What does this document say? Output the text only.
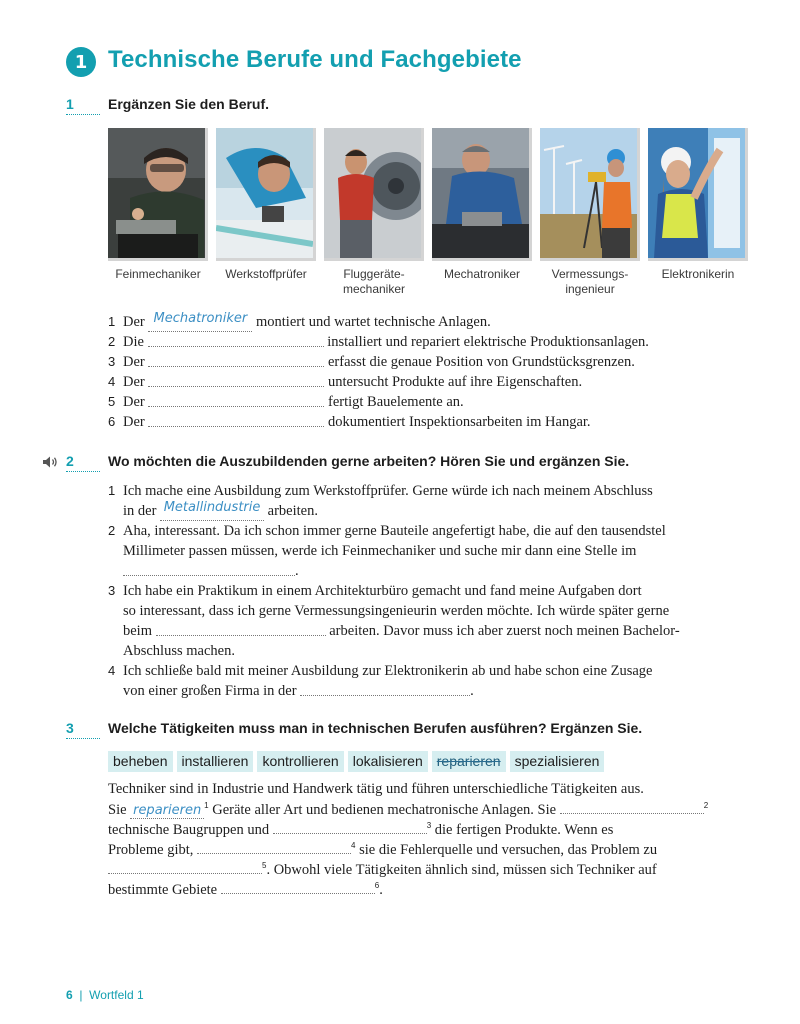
1 Technische Berufe und Fachgebiete
1	Ergänzen Sie den Beruf.
Feinmechaniker	Werkstoffprüfer	Fluggeräte-
mechaniker
Mechatroniker	Vermessungs-
ingenieur
Elektronikerin
1 Der
Mechatroniker
montiert und wartet technische Anlagen.
2 Die

	installiert und repariert elektrische Produktionsanlagen.
3 Der

	erfasst die genaue Position von Grundstücksgrenzen.
4 Der

	untersucht Produkte auf ihre Eigenschaften.
5 Der

	fertigt Bauelemente an.
6 Der

	dokumentiert Inspektionsarbeiten im Hangar.
2	Wo möchten die Auszubildenden gerne arbeiten? Hören Sie und ergänzen Sie.
1 Ich mache eine Ausbildung zum Werkstoffprüfer. Gerne würde ich nach meinem Abschluss
in der
Metallindustrie
arbeiten.
2 Aha, interessant. Da ich schon immer gerne Bauteile angefertigt habe, die auf den tausendstel
Millimeter passen müssen, werde ich Feinmechaniker und suche mir dann eine Stelle im
.
3 Ich habe ein Praktikum in einem Architekturbüro gemacht und fand meine Aufgaben dort
so interessant, dass ich gerne Vermessungsingenieurin werden möchte. Ich würde später gerne
beim

	arbeiten. Davor muss ich aber zuerst noch meinen Bachelor-
Abschluss machen.
4 Ich schließe bald mit meiner Ausbildung zur Elektronikerin ab und habe schon eine Zusage
von einer großen Firma in der
	.
3	Welche Tätigkeiten muss man in technischen Berufen ausführen? Ergänzen Sie.
beheben	installieren	kontrollieren	lokalisieren	reparieren	spezialisieren
Techniker sind in Industrie und Handwerk tätig und führen unterschiedliche Tätigkeiten aus.
Sie reparieren $^1$ Geräte aller Art und bedienen mechatronische Anlagen. Sie	$^2$
technische Baugruppen und	$^3$ die fertigen Produkte. Wenn es
Probleme gibt,	$^4$ sie die Fehlerquelle und versuchen, das Problem zu
$^5$. Obwohl viele Tätigkeiten ähnlich sind, müssen sich Techniker auf
bestimmte Gebiete	$^6$.
6 | Wortfeld 1
